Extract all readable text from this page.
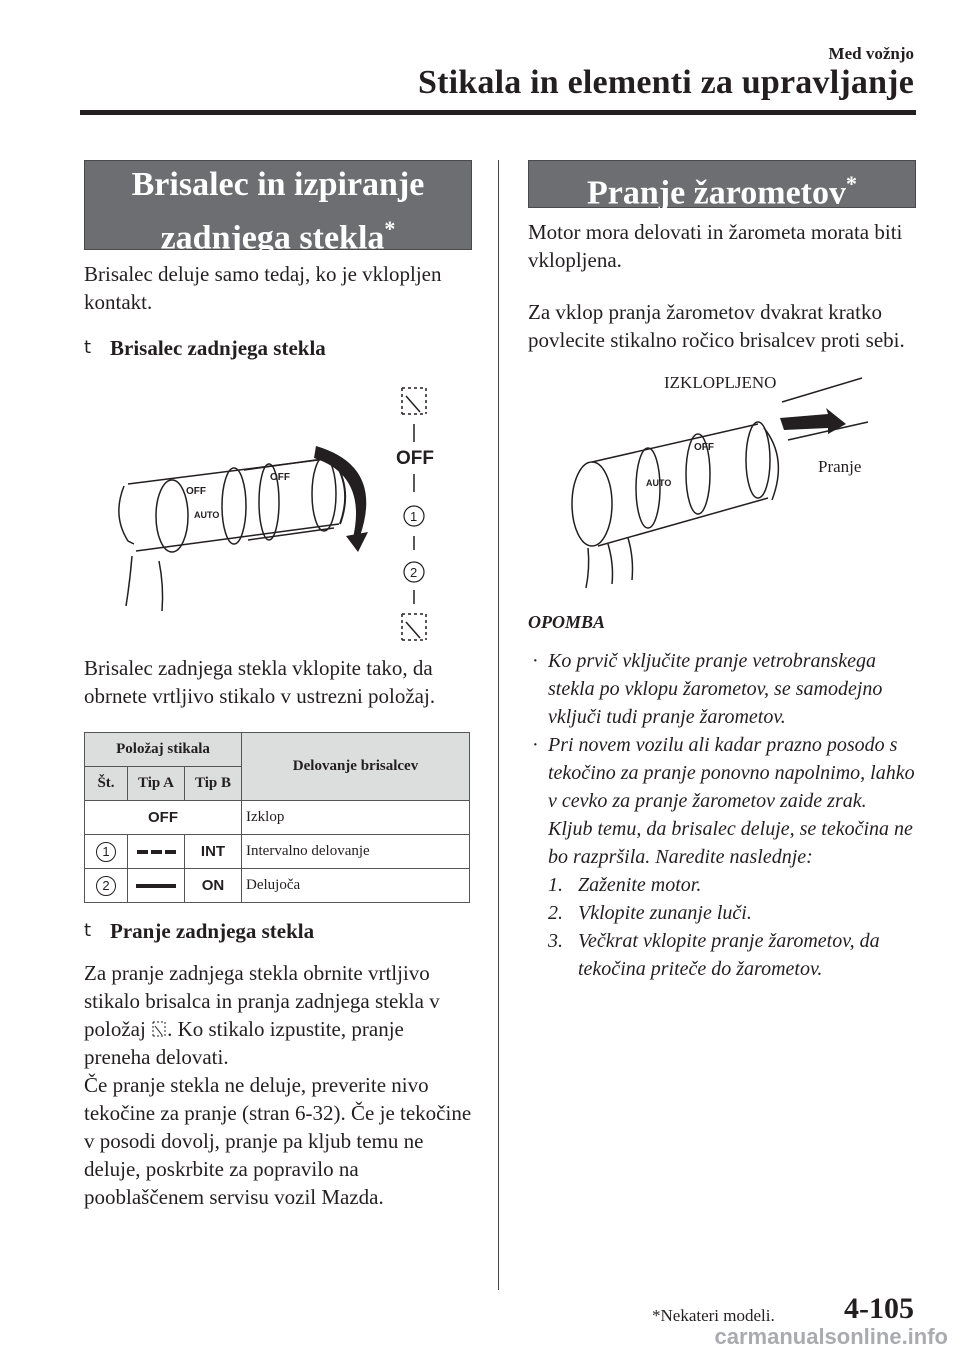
Med vožnjo
Stikala in elementi za upravljanje
Brisalec in izpiranje
zadnjega stekla*

Brisalec deluje samo tedaj, ko je vklopljen kontakt.

t Brisalec zadnjega stekla
OFF
AUTO
OFF
OFF
1
2

Brisalec zadnjega stekla vklopite tako, da obrnete vrtljivo stikalo v ustrezni položaj.

Položaj stikala			Delovanje brisalcev
Št.	Tip A	Tip B	
OFF			Izklop
1		INT	Intervalno delovanje
2		ON	Delujoča
t Pranje zadnjega stekla

Za pranje zadnjega stekla obrnite vrtljivo stikalo brisalca in pranja zadnjega stekla v položaj . Ko stikalo izpustite, pranje preneha delovati.

Če pranje stekla ne deluje, preverite nivo tekočine za pranje (stran 6-32). Če je tekočine v posodi dovolj, pranje pa kljub temu ne deluje, poskrbite za popravilo na pooblaščenem servisu vozil Mazda.

Pranje žarometov*

Motor mora delovati in žarometa morata biti vklopljena.

Za vklop pranja žarometov dvakrat kratko povlecite stikalno ročico brisalcev proti sebi.

IZKLOPLJENO
Pranje
OFF
AUTO
OPOMBA

· Ko prvič vključite pranje vetrobranskega stekla po vklopu žarometov, se samodejno vključi tudi pranje žarometov.

· Pri novem vozilu ali kadar prazno posodo s tekočino za pranje ponovno napolnimo, lahko v cevko za pranje žarometov zaide zrak. Kljub temu, da brisalec deluje, se tekočina ne bo razpršila. Naredite naslednje:

1. Zaženite motor.

2. Vklopite zunanje luči.

3. Večkrat vklopite pranje žarometov, da tekočina priteče do žarometov.

*Nekateri modeli. 4-105
carmanualsonline.info
